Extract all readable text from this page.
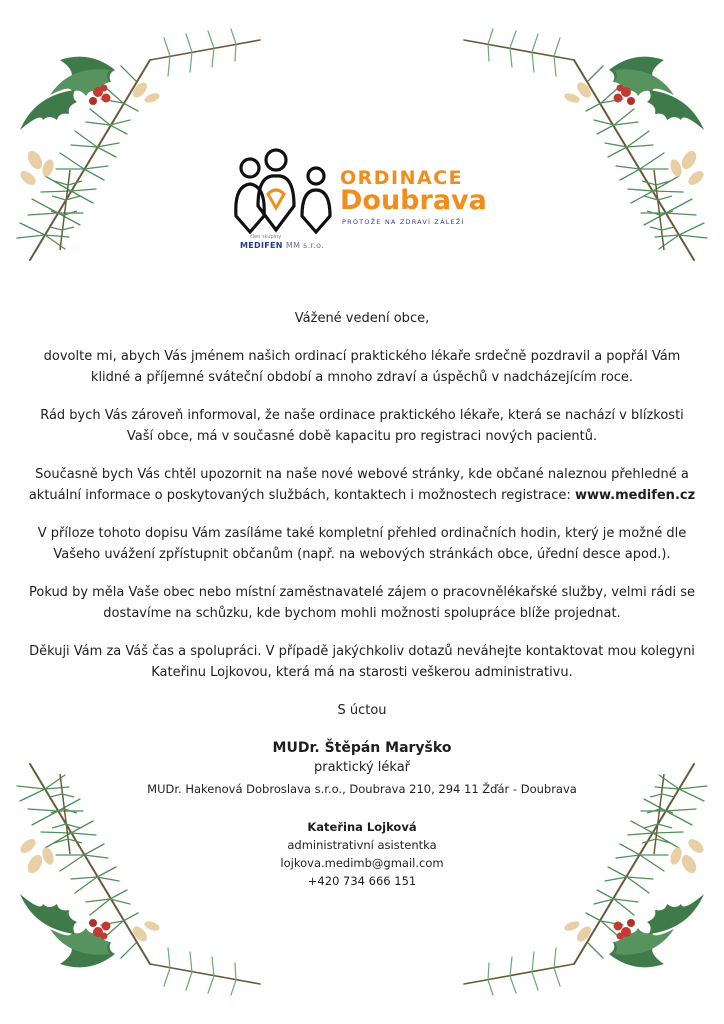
ORDINACE
Doubrava
PROTOŽE NA ZDRAVÍ ZÁLEŽÍ
člen skupiny
MEDIFEN MM s.r.o.

Vážené vedení obce,

dovolte mi, abych Vás jménem našich ordinací praktického lékaře srdečně pozdravil a popřál Vám klidné a příjemné sváteční období a mnoho zdraví a úspěchů v nadcházejícím roce.

Rád bych Vás zároveň informoval, že naše ordinace praktického lékaře, která se nachází v blízkosti Vaší obce, má v současné době kapacitu pro registraci nových pacientů.

Současně bych Vás chtěl upozornit na naše nové webové stránky, kde občané naleznou přehledné a aktuální informace o poskytovaných službách, kontaktech i možnostech registrace: www.medifen.cz

V příloze tohoto dopisu Vám zasíláme také kompletní přehled ordinačních hodin, který je možné dle Vašeho uvážení zpřístupnit občanům (např. na webových stránkách obce, úřední desce apod.).

Pokud by měla Vaše obec nebo místní zaměstnavatelé zájem o pracovnělékařské služby, velmi rádi se dostavíme na schůzku, kde bychom mohli možnosti spolupráce blíže projednat.

Děkuji Vám za Váš čas a spolupráci. V případě jakýchkoliv dotazů neváhejte kontaktovat mou kolegyni Kateřinu Lojkovou, která má na starosti veškerou administrativu.

S úctou

MUDr. Štěpán Maryško
praktický lékař
MUDr. Hakenová Dobroslava s.r.o., Doubrava 210, 294 11 Žďár - Doubrava
Kateřina Lojková
administrativní asistentka
lojkova.medimb@gmail.com
+420 734 666 151
